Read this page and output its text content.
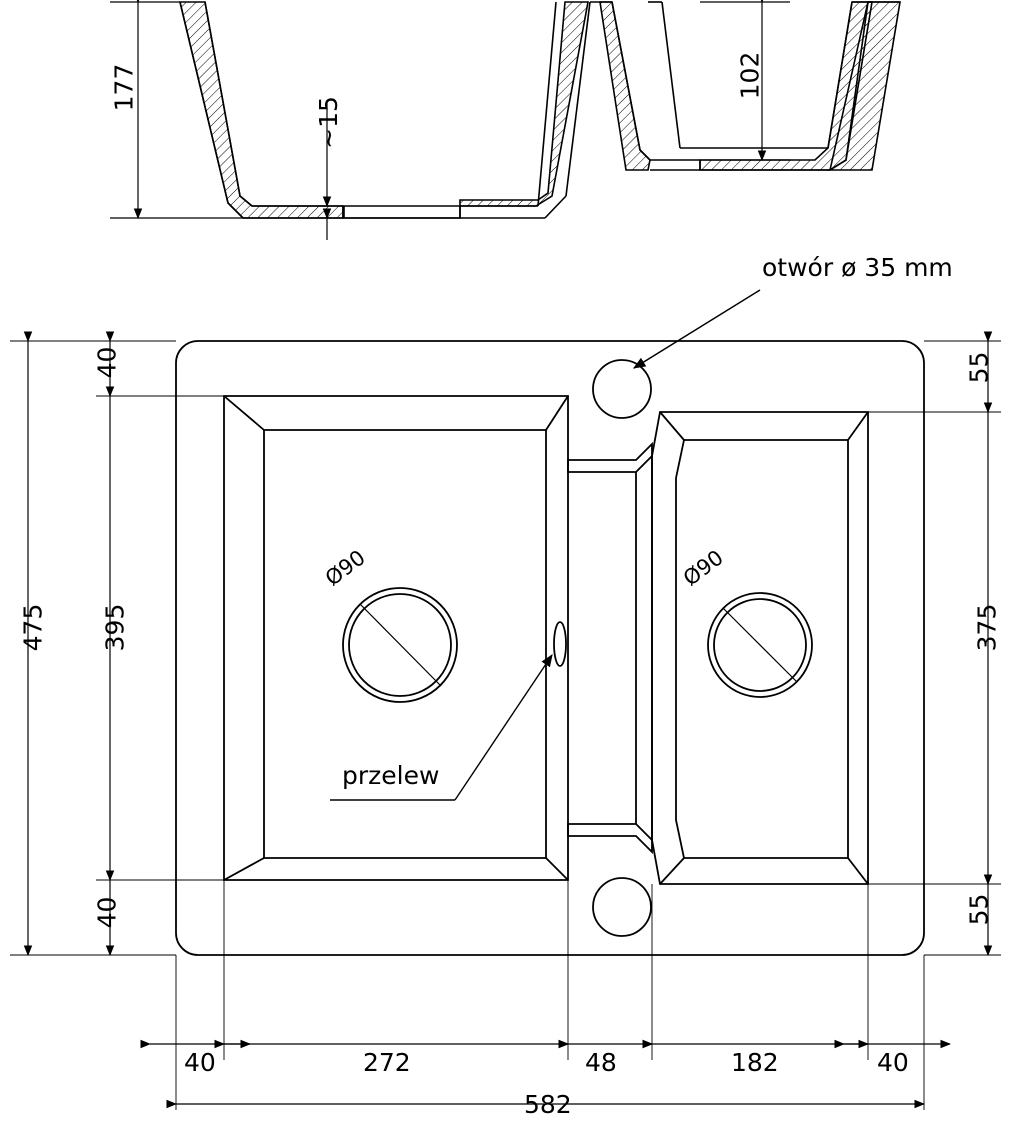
177
~15
102
otwór ø 35 mm
przelew
Ø90	Ø90
40
395
40
475
55
375
55
40	272	48	182	40
582
